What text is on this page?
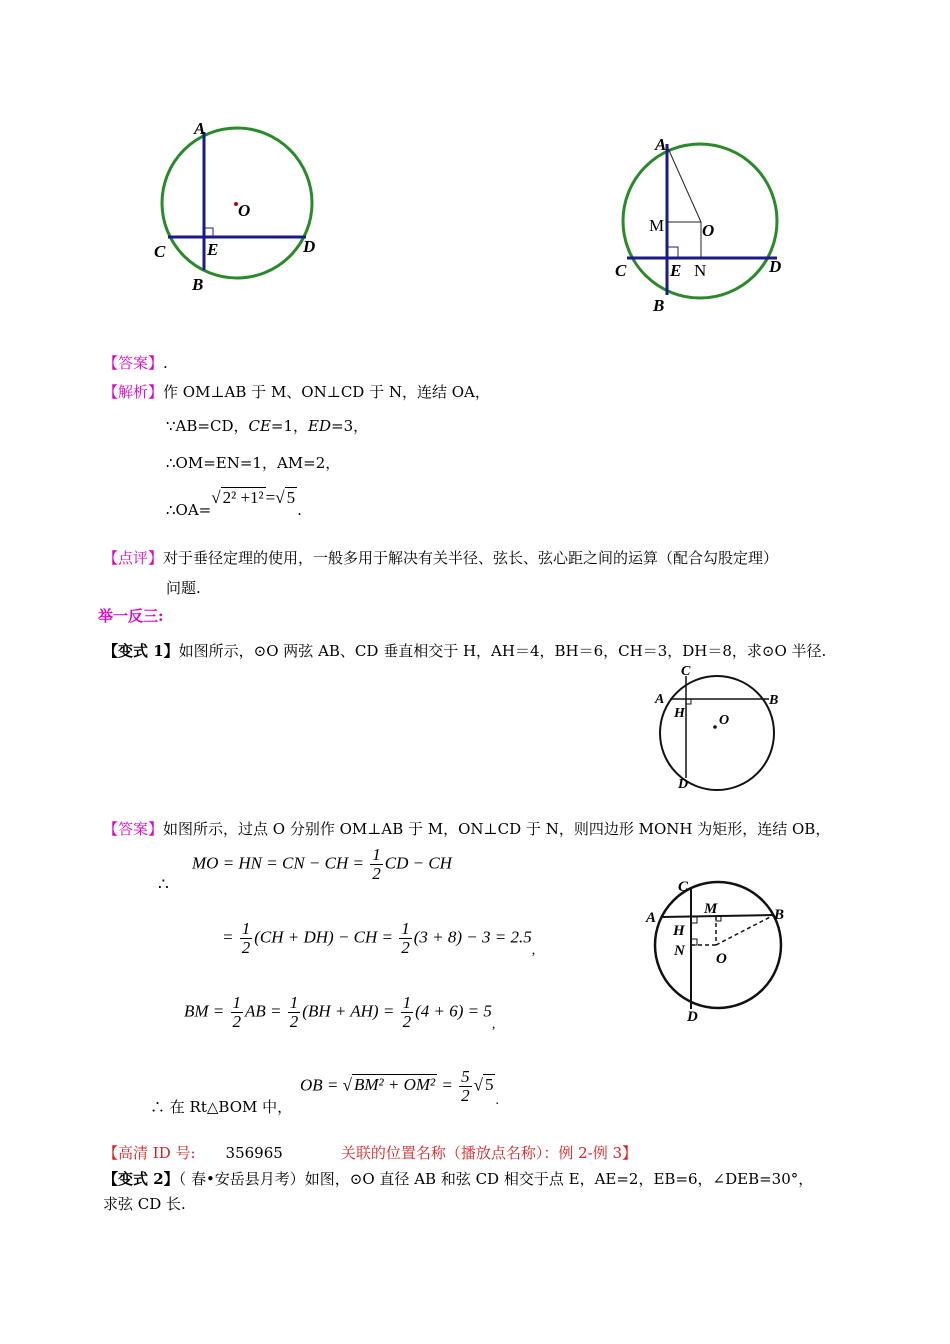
A
O
C E	D
B
A
M O
C	E N	D
B
【答案】.
【解析】作 OM⊥AB 于 M、ON⊥CD 于 N，连结 OA，
∵AB=CD，CE=1，ED=3，
∴OM=EN=1，AM=2，
∴OA=√ 2² +1² =√ 5.
【点评】对于垂径定理的使用，一般多用于解决有关半径、弦长、弦心距之间的运算（配合勾股定理）
问题.
举一反三:
【变式 1】如图所示，⊙O 两弦 AB、CD 垂直相交于 H，AH＝4，BH＝6，CH＝3，DH＝8，求⊙O 半径.
C
A	B
H O
D
【答案】如图所示，过点 O 分别作 OM⊥AB 于 M，ON⊥CD 于 N，则四边形 MONH 为矩形，连结 OB，
∴
MO = HN = CN − CH = $\frac{1}{2}$ CD − CH
= $\frac{1}{2} (CH + DH)$ − CH = $\frac{1}{2} (3 + 8) - 3 = 2.5_,$
BM = $\frac{1}{2}$ AB = $\frac{1}{2} (BH + AH) = \frac{1}{2} (4 + 6) = 5_,$
∴ 在 Rt△BOM 中，
OB = √ $BM^2 + OM^2 = \frac{5}{2}$ √ $5_.$
C
A
M	B
H
N O
D
【高清 ID 号: 356965	关联的位置名称（播放点名称）：例 2-例 3】
【变式 2】（ 春•安岳县月考）如图，⊙O 直径 AB 和弦 CD 相交于点 E，AE=2，EB=6，∠DEB=30°，
求弦 CD 长.
